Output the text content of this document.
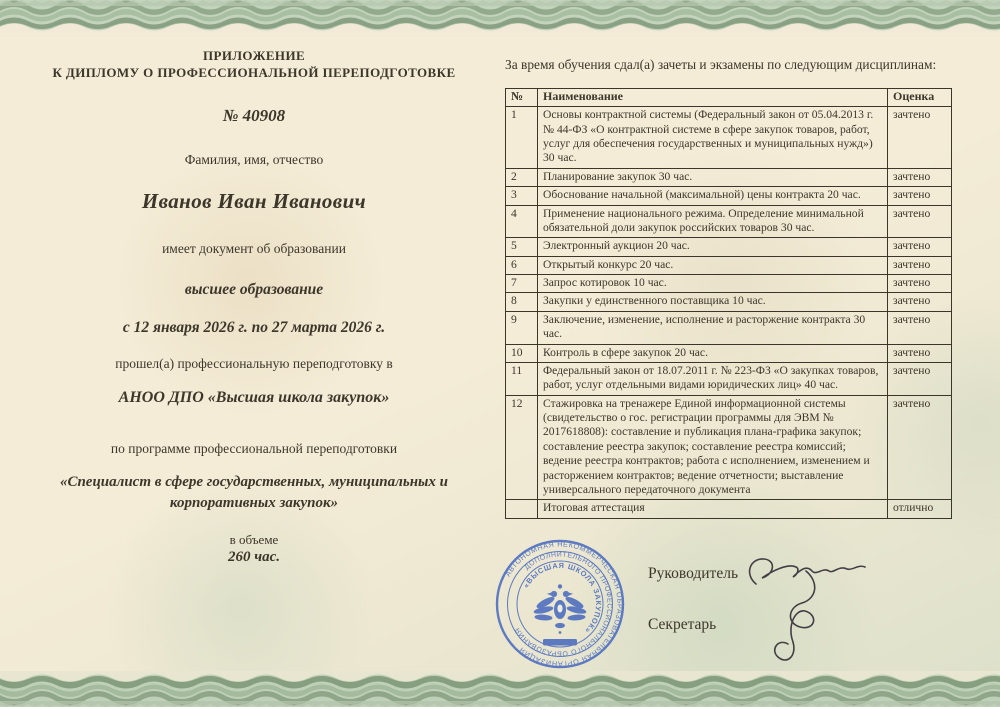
ПРИЛОЖЕНИЕ
К ДИПЛОМУ О ПРОФЕССИОНАЛЬНОЙ ПЕРЕПОДГОТОВКЕ
№ 40908
Фамилия, имя, отчество
Иванов Иван Иванович
имеет документ об образовании
высшее образование
с 12 января 2026 г. по 27 марта 2026 г.
прошел(а) профессиональную переподготовку в
АНОО ДПО «Высшая школа закупок»
по программе профессиональной переподготовки
«Специалист в сфере государственных, муниципальных и корпоративных закупок»
в объеме
260 час.

За время обучения сдал(а) зачеты и экзамены по следующим дисциплинам:

№	Наименование	Оценка
1	Основы контрактной системы (Федеральный закон от 05.04.2013 г. № 44-ФЗ «О контрактной системе в сфере закупок товаров, работ, услуг для обеспечения государственных и муниципальных нужд») 30 час.	зачтено
2	Планирование закупок 30 час.	зачтено
3	Обоснование начальной (максимальной) цены контракта 20 час.	зачтено
4	Применение национального режима. Определение минимальной обязательной доли закупок российских товаров 30 час.	зачтено
5	Электронный аукцион 20 час.	зачтено
6	Открытый конкурс 20 час.	зачтено
7	Запрос котировок 10 час.	зачтено
8	Закупки у единственного поставщика 10 час.	зачтено
9	Заключение, изменение, исполнение и расторжение контракта 30 час.	зачтено
10	Контроль в сфере закупок 20 час.	зачтено
11	Федеральный закон от 18.07.2011 г. № 223-ФЗ «О закупках товаров, работ, услуг отдельными видами юридических лиц» 40 час.	зачтено
12	Стажировка на тренажере Единой информационной системы (свидетельство о гос. регистрации программы для ЭВМ № 2017618808): составление и публикация плана-графика закупок; составление реестра закупок; составление реестра комиссий; ведение реестра контрактов; работа с исполнением, изменением и расторжением контрактов; ведение отчетности; выставление универсального передаточного документа	зачтено
	Итоговая аттестация	отлично
АВТОНОМНАЯ НЕКОММЕРЧЕСКАЯ ОБРАЗОВАТЕЛЬНАЯ ОРГАНИЗАЦИЯ
ДОПОЛНИТЕЛЬНОГО ПРОФЕССИОНАЛЬНОГО ОБРАЗОВАНИЯ
«ВЫСШАЯ ШКОЛА ЗАКУПОК»
Руководитель
Секретарь
